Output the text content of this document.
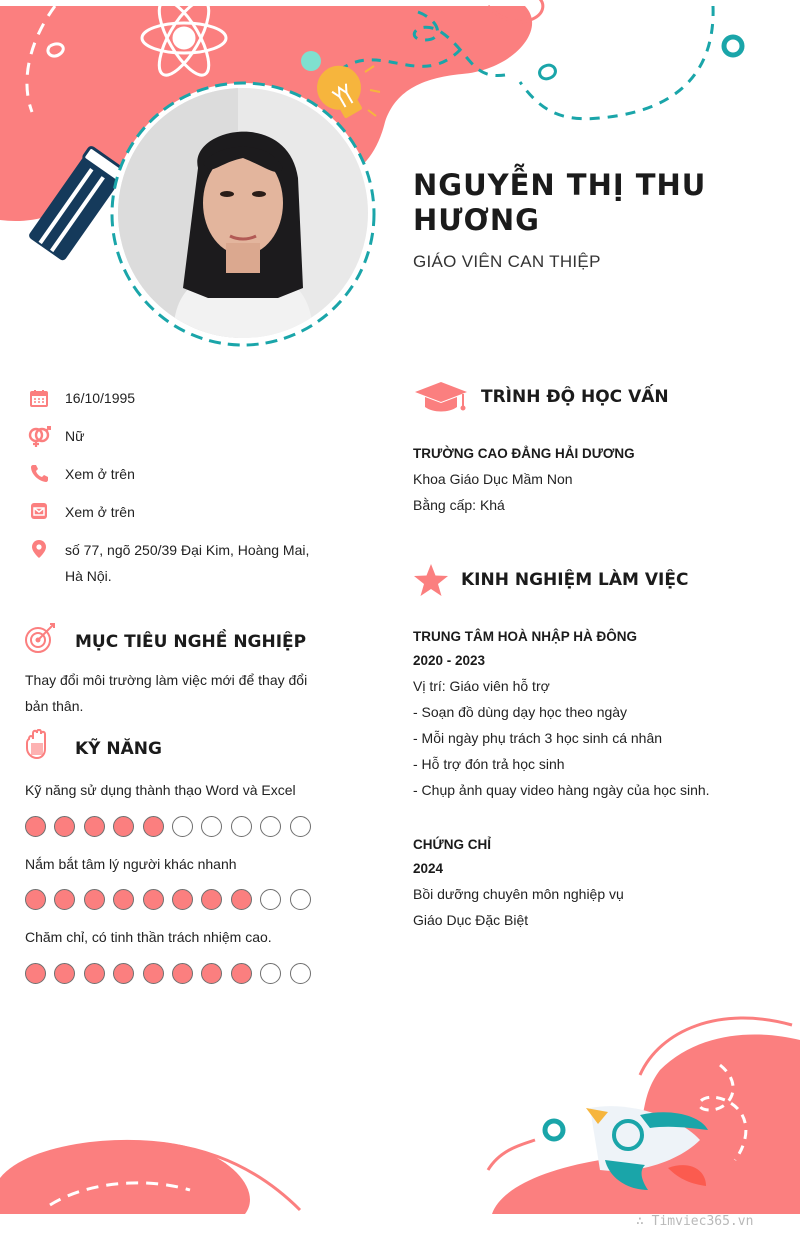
NGUYỄN THỊ THU HƯƠNG
GIÁO VIÊN CAN THIỆP
16/10/1995
Nữ
Xem ở trên
Xem ở trên
số 77, ngõ 250/39 Đại Kim, Hoàng Mai, Hà Nội.
MỤC TIÊU NGHỀ NGHIỆP
Thay đổi môi trường làm việc mới để thay đổi bản thân.
KỸ NĂNG
Kỹ năng sử dụng thành thạo Word và Excel
Nắm bắt tâm lý người khác nhanh
Chăm chỉ, có tinh thần trách nhiệm cao.
TRÌNH ĐỘ HỌC VẤN
TRƯỜNG CAO ĐẲNG HẢI DƯƠNG
Khoa Giáo Dục Mầm Non
Bằng cấp: Khá
KINH NGHIỆM LÀM VIỆC
TRUNG TÂM HOÀ NHẬP HÀ ĐÔNG
2020 - 2023
Vị trí: Giáo viên hỗ trợ
- Soạn đồ dùng dạy học theo ngày
- Mỗi ngày phụ trách 3 học sinh cá nhân
- Hỗ trợ đón trả học sinh
- Chụp ảnh quay video hàng ngày của học sinh.
CHỨNG CHỈ
2024
Bồi dưỡng chuyên môn nghiệp vụ
Giáo Dục Đặc Biệt
∴ Timviec365.vn
